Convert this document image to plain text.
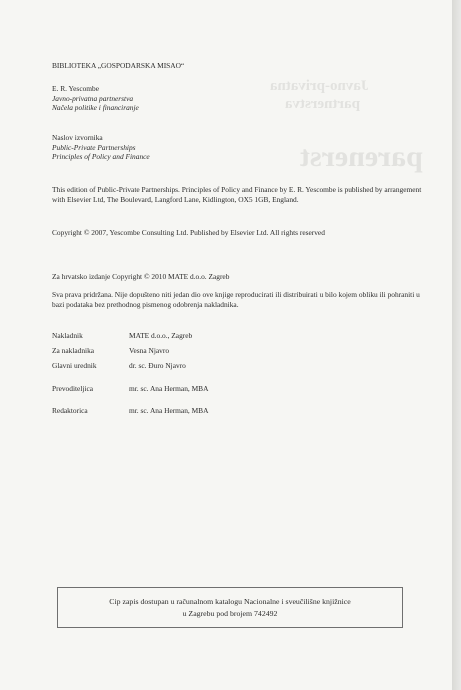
Javno-privatna
partnerstva
parenerst
BIBLIOTEKA „GOSPODARSKA MISAO“
E. R. Yescombe
Javno-privatna partnerstva
Načela politike i financiranje
Naslov izvornika
Public-Private Partnerships
Principles of Policy and Finance
This edition of Public-Private Partnerships. Principles of Policy and Finance by E. R. Yescombe is published by arrangement with Elsevier Ltd, The Boulevard, Langford Lane, Kidlington, OX5 1GB, England.
Copyright © 2007, Yescombe Consulting Ltd. Published by Elsevier Ltd. All rights reserved
Za hrvatsko izdanje Copyright © 2010 MATE d.o.o. Zagreb
Sva prava pridržana. Nije dopušteno niti jedan dio ove knjige reproducirati ili distribuirati u bilo kojem obliku ili pohraniti u bazi podataka bez prethodnog pismenog odobrenja nakladnika.
Nakladnik	MATE d.o.o., Zagreb
Za nakladnika	Vesna Njavro
Glavni urednik	dr. sc. Đuro Njavro
Prevoditeljica	mr. sc. Ana Herman, MBA
Redaktorica	mr. sc. Ana Herman, MBA
Cip zapis dostupan u računalnom katalogu Nacionalne i sveučilišne knjižnice
u Zagrebu pod brojem 742492
